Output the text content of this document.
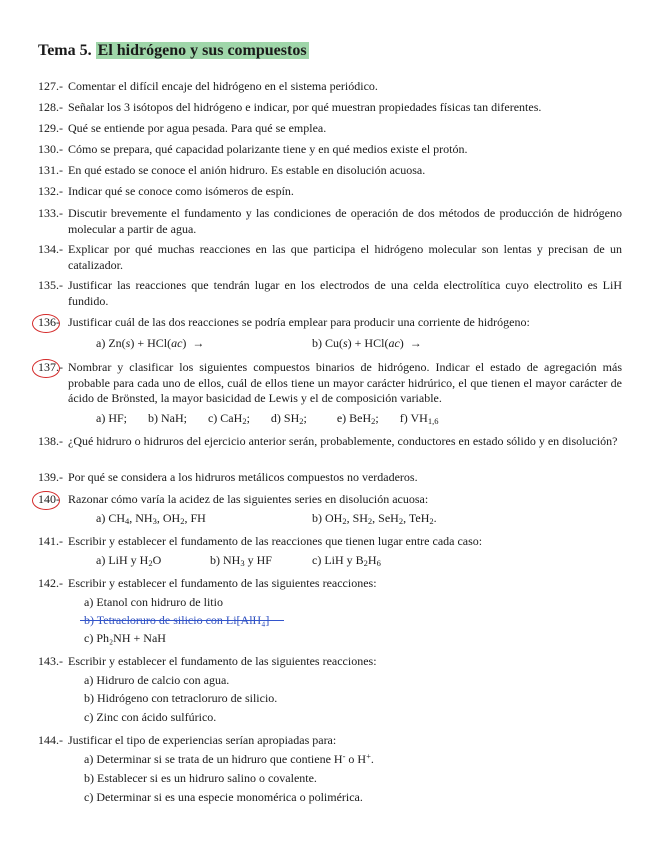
Tema 5. El hidrógeno y sus compuestos
127.- Comentar el difícil encaje del hidrógeno en el sistema periódico.
128.- Señalar los 3 isótopos del hidrógeno e indicar, por qué muestran propiedades físicas tan diferentes.
129.- Qué se entiende por agua pesada. Para qué se emplea.
130.- Cómo se prepara, qué capacidad polarizante tiene y en qué medios existe el protón.
131.- En qué estado se conoce el anión hidruro. Es estable en disolución acuosa.
132.- Indicar qué se conoce como isómeros de espín.
133.- Discutir brevemente el fundamento y las condiciones de operación de dos métodos de producción de hidrógeno molecular a partir de agua.
134.- Explicar por qué muchas reacciones en las que participa el hidrógeno molecular son lentas y precisan de un catalizador.
135.- Justificar las reacciones que tendrán lugar en los electrodos de una celda electrolítica cuyo electrolito es LiH fundido.
136- Justificar cuál de las dos reacciones se podría emplear para producir una corriente de hidrógeno:
a) Zn(s) + HCl(ac)  →	b) Cu(s) + HCl(ac)  →
137.- Nombrar y clasificar los siguientes compuestos binarios de hidrógeno. Indicar el estado de agregación más probable para cada uno de ellos, cuál de ellos tiene un mayor carácter hidrúrico, el que tienen el mayor carácter de ácido de Brönsted, la mayor basicidad de Lewis y el de composición variable.
a) HF;       b) NaH;       c) CaH$_2$;       d) $SH_2$;          e) BeH$_2$;       f) $VH_{1,6}$
138.- ¿Qué hidruro o hidruros del ejercicio anterior serán, probablemente, conductores en estado sólido y en disolución?
139.- Por qué se considera a los hidruros metálicos compuestos no verdaderos.
140- Razonar cómo varía la acidez de las siguientes series en disolución acuosa:
a) $CH_4$, $NH_3$, $OH_2$, FH	b) $OH_2$, $SH_2$, SeH$_2$, TeH$_2$.
141.- Escribir y establecer el fundamento de las reacciones que tienen lugar entre cada caso:
a) LiH y $H_2O$	b) $NH_3$ y HF	c) LiH y $B_2H_6$
142.- Escribir y establecer el fundamento de las siguientes reacciones:
a) Etanol con hidruro de litio
b) Tetracloruro de silicio con Li[AlH₄]
c) Ph₂NH + NaH
143.- Escribir y establecer el fundamento de las siguientes reacciones:
a) Hidruro de calcio con agua.
b) Hidrógeno con tetracloruro de silicio.
c) Zinc con ácido sulfúrico.
144.- Justificar el tipo de experiencias serían apropiadas para:
a) Determinar si se trata de un hidruro que contiene H- o H+.
b) Establecer si es un hidruro salino o covalente.
c) Determinar si es una especie monomérica o polimérica.
